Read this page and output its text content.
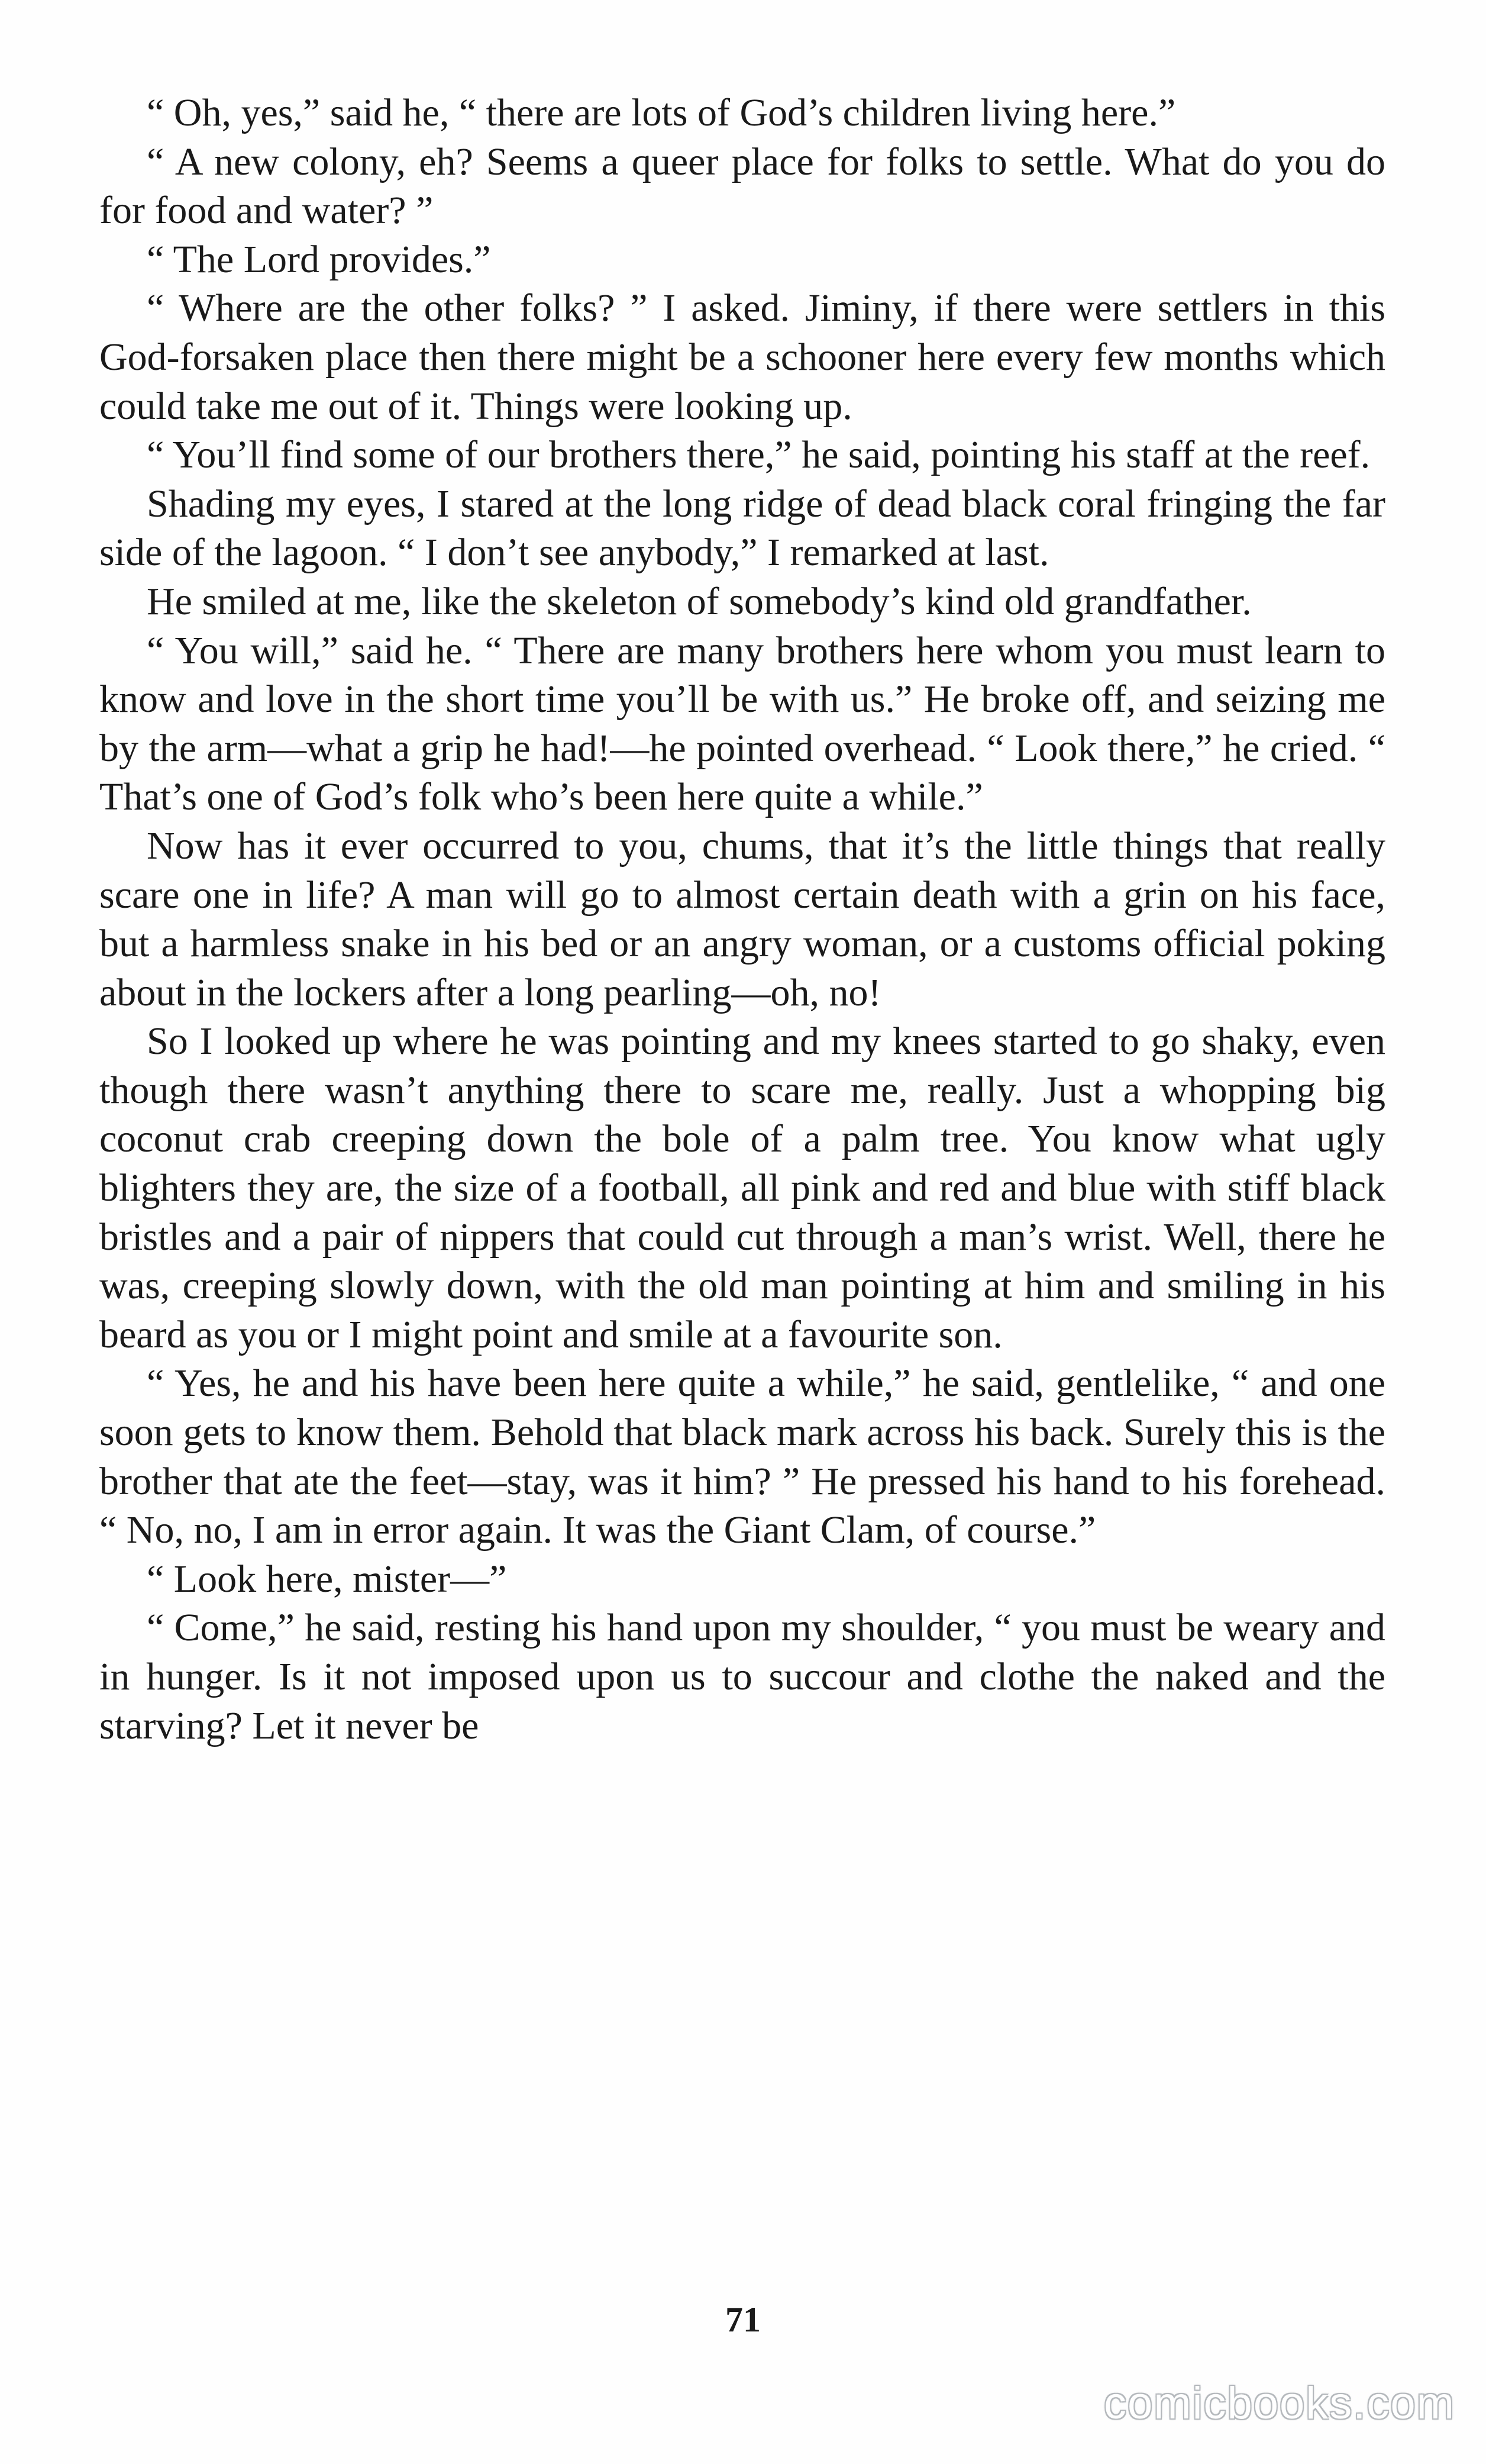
“ Oh, yes,” said he, “ there are lots of God’s children living here.”

“ A new colony, eh? Seems a queer place for folks to settle. What do you do for food and water? ”

“ The Lord provides.”

“ Where are the other folks? ” I asked. Jiminy, if there were settlers in this God-forsaken place then there might be a schooner here every few months which could take me out of it. Things were looking up.

“ You’ll find some of our brothers there,” he said, pointing his staff at the reef.

Shading my eyes, I stared at the long ridge of dead black coral fringing the far side of the lagoon. “ I don’t see anybody,” I remarked at last.

He smiled at me, like the skeleton of somebody’s kind old grandfather.

“ You will,” said he. “ There are many brothers here whom you must learn to know and love in the short time you’ll be with us.” He broke off, and seizing me by the arm—what a grip he had!—he pointed overhead. “ Look there,” he cried. “ That’s one of God’s folk who’s been here quite a while.”

Now has it ever occurred to you, chums, that it’s the little things that really scare one in life? A man will go to almost certain death with a grin on his face, but a harmless snake in his bed or an angry woman, or a customs official poking about in the lockers after a long pearling—oh, no!

So I looked up where he was pointing and my knees started to go shaky, even though there wasn’t anything there to scare me, really. Just a whopping big coconut crab creeping down the bole of a palm tree. You know what ugly blighters they are, the size of a football, all pink and red and blue with stiff black bristles and a pair of nippers that could cut through a man’s wrist. Well, there he was, creeping slowly down, with the old man pointing at him and smiling in his beard as you or I might point and smile at a favourite son.

“ Yes, he and his have been here quite a while,” he said, gentlelike, “ and one soon gets to know them. Behold that black mark across his back. Surely this is the brother that ate the feet—stay, was it him? ” He pressed his hand to his forehead. “ No, no, I am in error again. It was the Giant Clam, of course.”

“ Look here, mister—”

“ Come,” he said, resting his hand upon my shoulder, “ you must be weary and in hunger. Is it not imposed upon us to succour and clothe the naked and the starving? Let it never be

71
comicbooks.com
